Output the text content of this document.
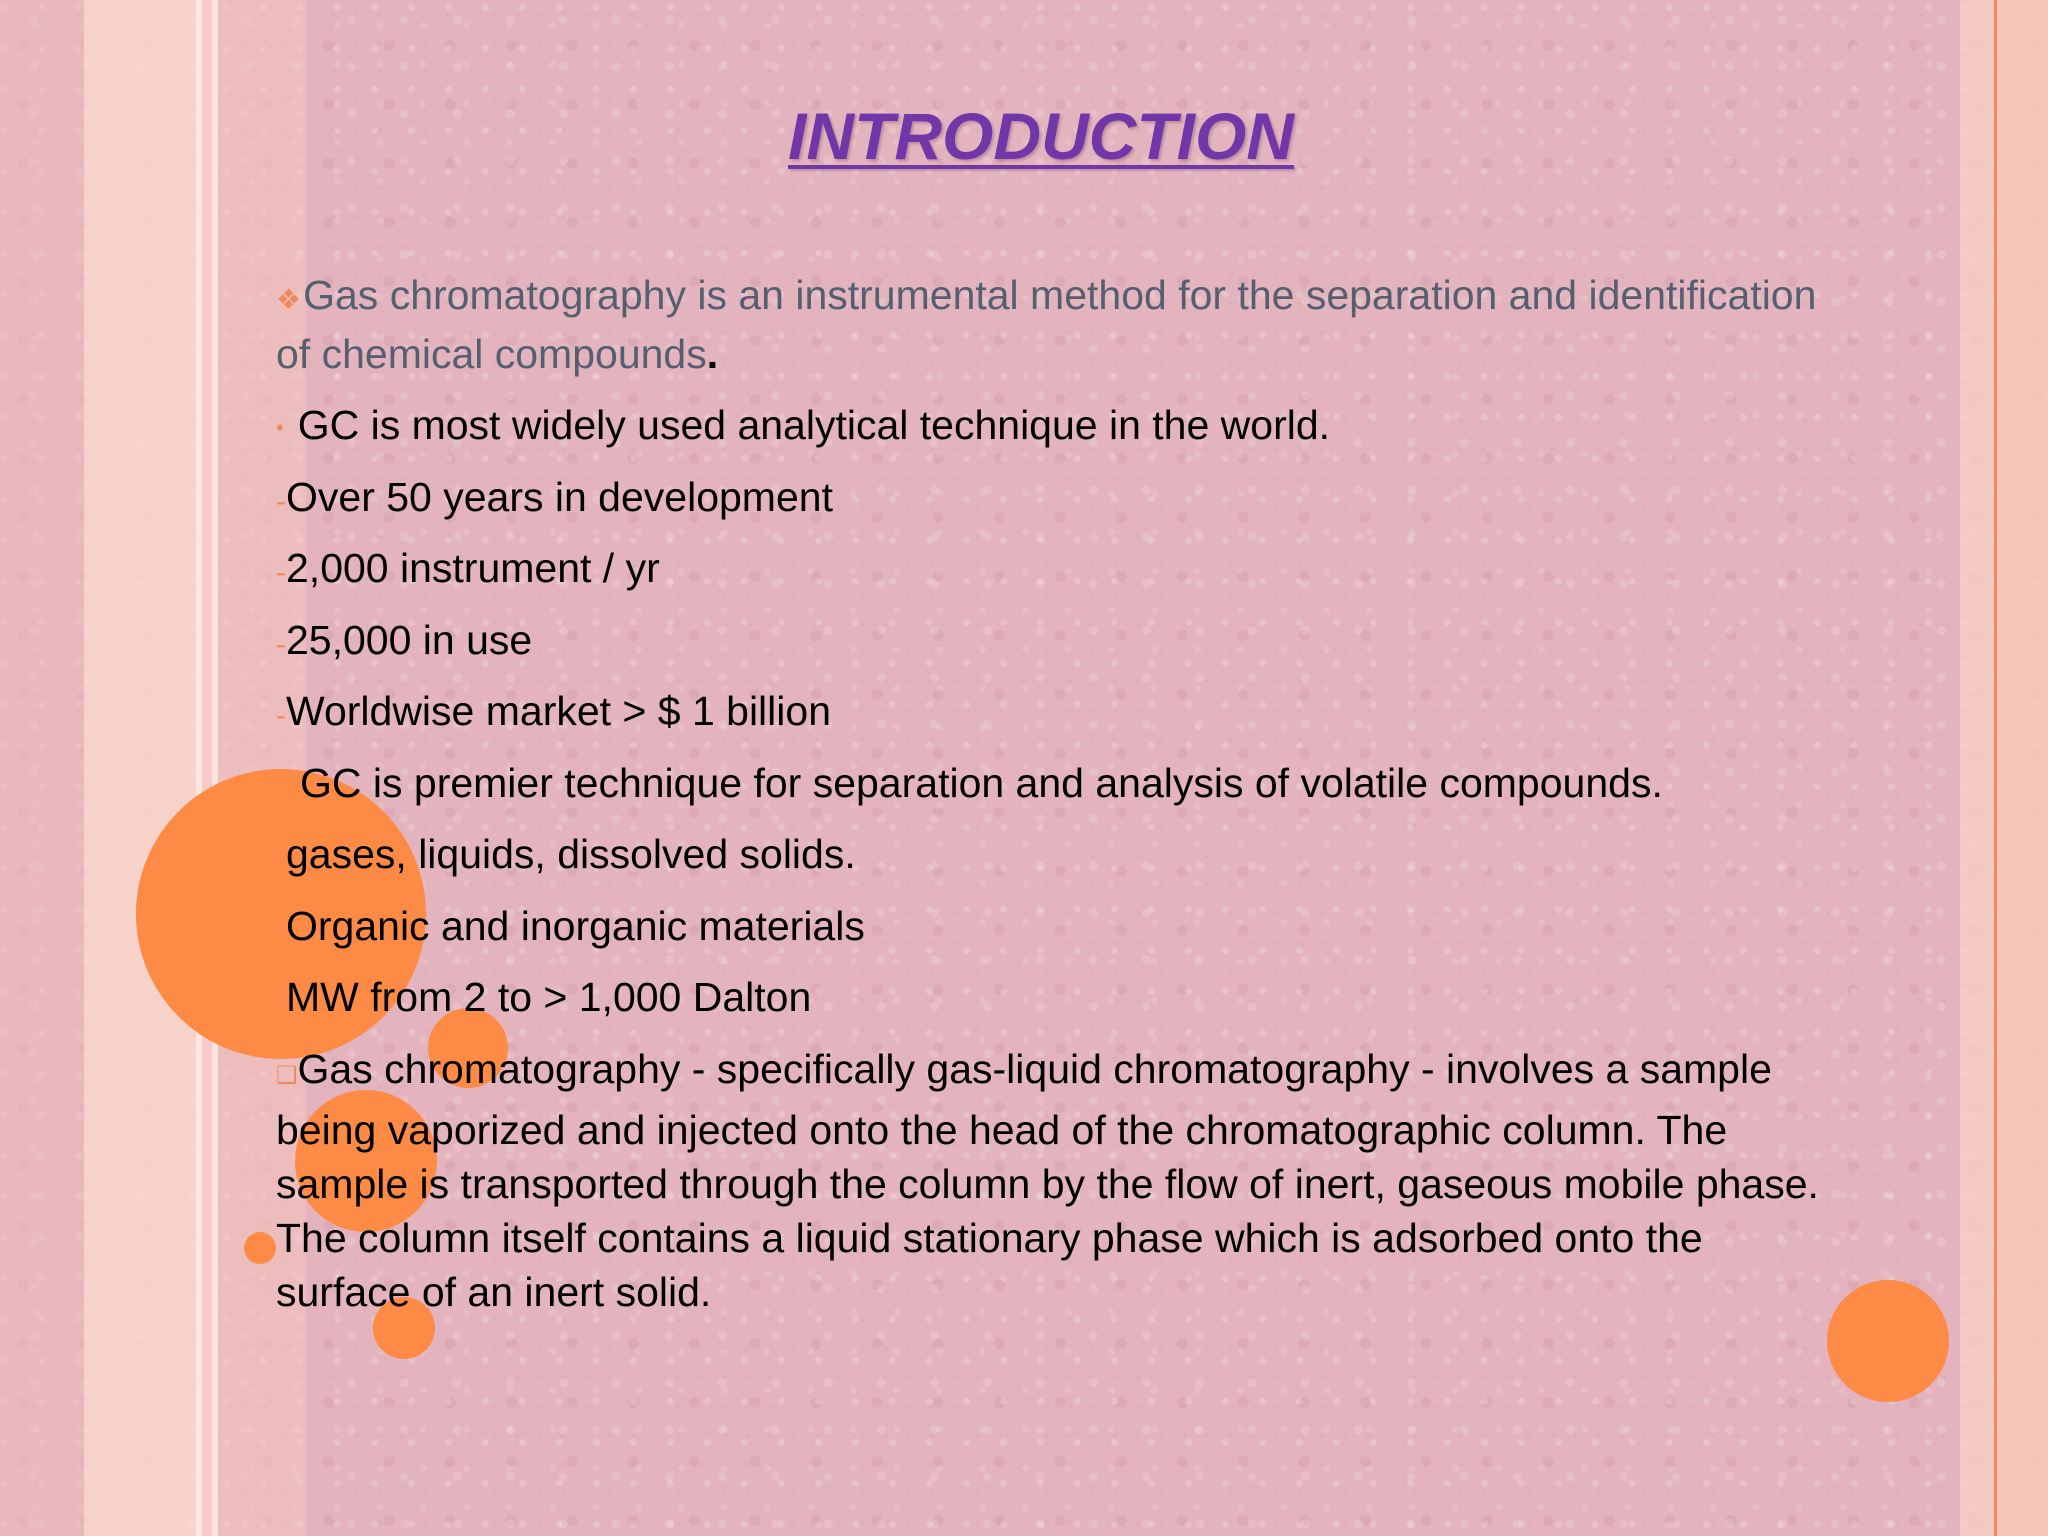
INTRODUCTION

❖Gas chromatography is an instrumental method for the separation and identification of chemical compounds.

• GC is most widely used analytical technique in the world.
-Over 50 years in development
-2,000 instrument / yr
-25,000 in use
-Worldwise market > $ 1 billion
GC is premier technique for separation and analysis of volatile compounds.
gases, liquids, dissolved solids.
Organic and inorganic materials
MW from 2 to > 1,000 Dalton

❑Gas chromatography - specifically gas-liquid chromatography - involves a sample being vaporized and injected onto the head of the chromatographic column. The sample is transported through the column by the flow of inert, gaseous mobile phase. The column itself contains a liquid stationary phase which is adsorbed onto the surface of an inert solid.
